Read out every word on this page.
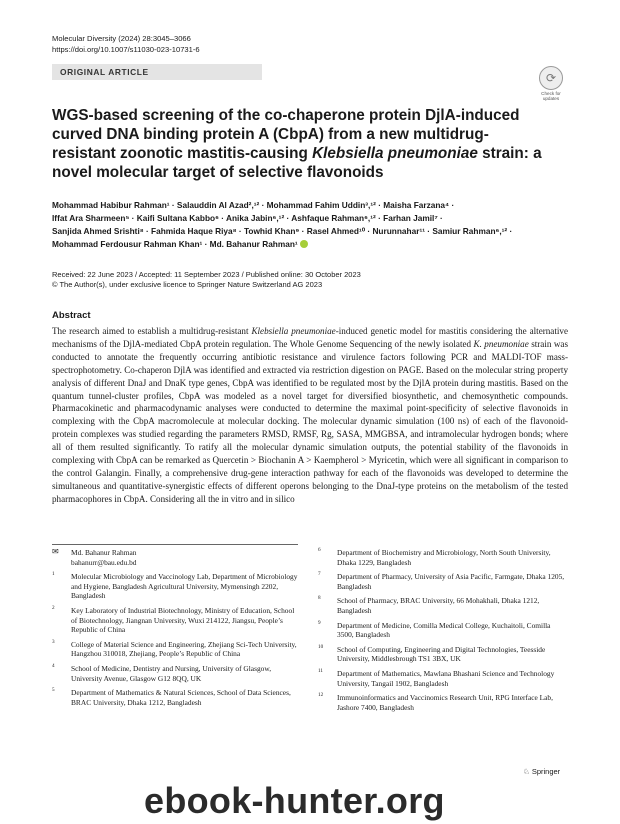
Molecular Diversity (2024) 28:3045–3066
https://doi.org/10.1007/s11030-023-10731-6
ORIGINAL ARTICLE	⟳
Check for
updates
WGS-based screening of the co-chaperone protein DjlA-induced curved DNA binding protein A (CbpA) from a new multidrug-resistant zoonotic mastitis-causing Klebsiella pneumoniae strain: a novel molecular target of selective flavonoids
Mohammad Habibur Rahman¹ · Salauddin Al Azad²,¹² · Mohammad Fahim Uddin³,¹² · Maisha Farzana⁴ ·
Iffat Ara Sharmeen⁵ · Kaifi Sultana Kabbo⁶ · Anika Jabin⁶,¹² · Ashfaque Rahman⁶,¹² · Farhan Jamil⁷ ·
Sanjida Ahmed Srishti⁸ · Fahmida Haque Riya⁸ · Towhid Khan⁹ · Rasel Ahmed¹⁰ · Nurunnahar¹¹ · Samiur Rahman⁶,¹² ·
Mohammad Ferdousur Rahman Khan¹ · Md. Bahanur Rahman¹
Received: 22 June 2023 / Accepted: 11 September 2023 / Published online: 30 October 2023
© The Author(s), under exclusive licence to Springer Nature Switzerland AG 2023
Abstract

The research aimed to establish a multidrug-resistant Klebsiella pneumoniae-induced genetic model for mastitis considering the alternative mechanisms of the DjlA-mediated CbpA protein regulation. The Whole Genome Sequencing of the newly isolated K. pneumoniae strain was conducted to annotate the frequently occurring antibiotic resistance and virulence factors following PCR and MALDI-TOF mass-spectrophotometry. Co-chaperon DjlA was identified and extracted via restriction digestion on PAGE. Based on the molecular string property analysis of different DnaJ and DnaK type genes, CbpA was identified to be regulated most by the DjlA protein during mastitis. Based on the quantum tunnel-cluster profiles, CbpA was modeled as a novel target for diversified biosynthetic, and chemosynthetic compounds. Pharmacokinetic and pharmacodynamic analyses were conducted to determine the maximal point-specificity of selective flavonoids in complexing with the CbpA macromolecule at molecular docking. The molecular dynamic simulation (100 ns) of each of the flavonoid-protein complexes was studied regarding the parameters RMSD, RMSF, Rg, SASA, MMGBSA, and intramolecular hydrogen bonds; where all of them resulted significantly. To ratify all the molecular dynamic simulation outputs, the potential stability of the flavonoids in complexing with CbpA can be remarked as Quercetin > Biochanin A > Kaempherol > Myricetin, which were all significant in comparison to the control Galangin. Finally, a comprehensive drug-gene interaction pathway for each of the flavonoids was developed to determine the simultaneous and quantitative-synergistic effects of different operons belonging to the DnaJ-type proteins on the metabolism of the tested pharmacophores in CbpA. Considering all the in vitro and in silico

✉ Md. Bahanur Rahman
bahanurr@bau.edu.bd
1 Molecular Microbiology and Vaccinology Lab, Department of Microbiology and Hygiene, Bangladesh Agricultural University, Mymensingh 2202, Bangladesh
2 Key Laboratory of Industrial Biotechnology, Ministry of Education, School of Biotechnology, Jiangnan University, Wuxi 214122, Jiangsu, People’s Republic of China
3 College of Material Science and Engineering, Zhejiang Sci-Tech University, Hangzhou 310018, Zhejiang, People’s Republic of China
4 School of Medicine, Dentistry and Nursing, University of Glasgow, University Avenue, Glasgow G12 8QQ, UK
5 Department of Mathematics & Natural Sciences, School of Data Sciences, BRAC University, Dhaka 1212, Bangladesh
6 Department of Biochemistry and Microbiology, North South University, Dhaka 1229, Bangladesh
7 Department of Pharmacy, University of Asia Pacific, Farmgate, Dhaka 1205, Bangladesh
8 School of Pharmacy, BRAC University, 66 Mohakhali, Dhaka 1212, Bangladesh
9 Department of Medicine, Comilla Medical College, Kuchaitoli, Comilla 3500, Bangladesh
10 School of Computing, Engineering and Digital Technologies, Teesside University, Middlesbrough TS1 3BX, UK
11 Department of Mathematics, Mawlana Bhashani Science and Technology University, Tangail 1902, Bangladesh
12 Immunoinformatics and Vaccinomics Research Unit, RPG Interface Lab, Jashore 7400, Bangladesh
♘ Springer
ebook-hunter.org
